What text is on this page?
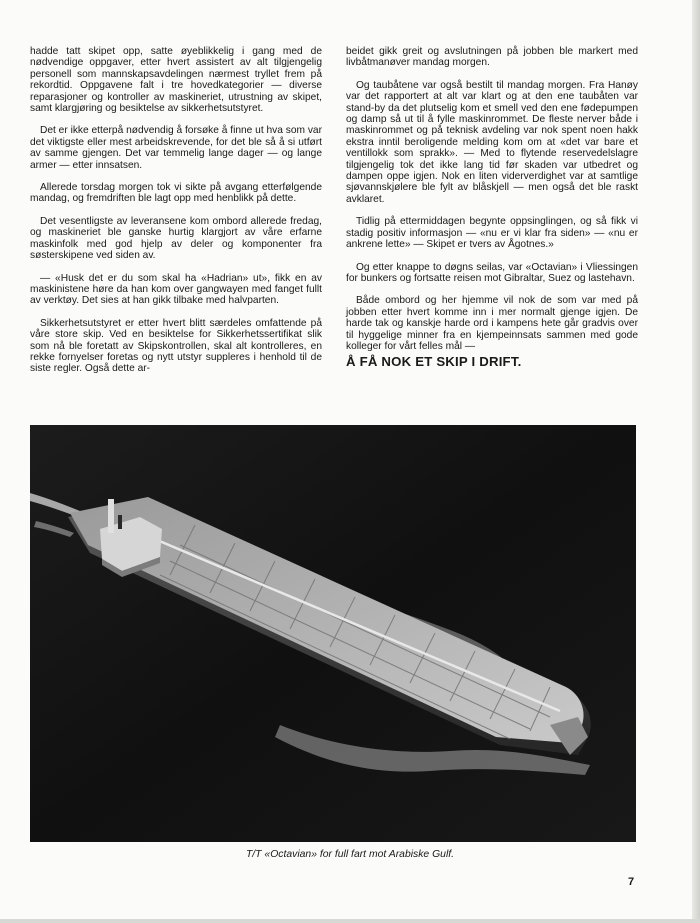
hadde tatt skipet opp, satte øyeblikkelig i gang med de nødvendige oppgaver, etter hvert assistert av alt tilgjengelig personell som mannskapsavdelingen nærmest tryllet frem på rekordtid. Oppgavene falt i tre hovedkategorier — diverse reparasjoner og kontroller av maskineriet, utrustning av skipet, samt klargjøring og besiktelse av sikkerhetsutstyret.

Det er ikke etterpå nødvendig å forsøke å finne ut hva som var det viktigste eller mest arbeidskrevende, for det ble så å si utført av samme gjengen. Det var temmelig lange dager — og lange armer — etter innsatsen.

Allerede torsdag morgen tok vi sikte på avgang etterfølgende mandag, og fremdriften ble lagt opp med henblikk på dette.

Det vesentligste av leveransene kom ombord allerede fredag, og maskineriet ble ganske hurtig klargjort av våre erfarne maskinfolk med god hjelp av deler og komponenter fra søsterskipene ved siden av.

— «Husk det er du som skal ha «Hadrian» ut», fikk en av maskinistene høre da han kom over gangwayen med fanget fullt av verktøy. Det sies at han gikk tilbake med halvparten.

Sikkerhetsutstyret er etter hvert blitt særdeles omfattende på våre store skip. Ved en besiktelse for Sikkerhetssertifikat slik som nå ble foretatt av Skipskontrollen, skal alt kontrolleres, en rekke fornyelser foretas og nytt utstyr suppleres i henhold til de siste regler. Også dette ar-

beidet gikk greit og avslutningen på jobben ble markert med livbåtmanøver mandag morgen.

Og taubåtene var også bestilt til mandag morgen. Fra Hanøy var det rapportert at alt var klart og at den ene taubåten var stand-by da det plutselig kom et smell ved den ene fødepumpen og damp så ut til å fylle maskinrommet. De fleste nerver både i maskinrommet og på teknisk avdeling var nok spent noen hakk ekstra inntil beroligende melding kom om at «det var bare et ventillokk som sprakk». — Med to flytende reservedelslagre tilgjengelig tok det ikke lang tid før skaden var utbedret og dampen oppe igjen. Nok en liten viderverdighet var at samtlige sjøvannskjølere ble fylt av blåskjell — men også det ble raskt avklaret.

Tidlig på ettermiddagen begynte oppsinglingen, og så fikk vi stadig positiv informasjon — «nu er vi klar fra siden» — «nu er ankrene lette» — Skipet er tvers av Ågotnes.»

Og etter knappe to døgns seilas, var «Octavian» i Vliessingen for bunkers og fortsatte reisen mot Gibraltar, Suez og lastehavn.

Både ombord og her hjemme vil nok de som var med på jobben etter hvert komme inn i mer normalt gjenge igjen. De harde tak og kanskje harde ord i kampens hete går gradvis over til hyggelige minner fra en kjempeinnsats sammen med gode kolleger for vårt felles mål —

Å FÅ NOK ET SKIP I DRIFT.
T/T «Octavian» for full fart mot Arabiske Gulf.
7
